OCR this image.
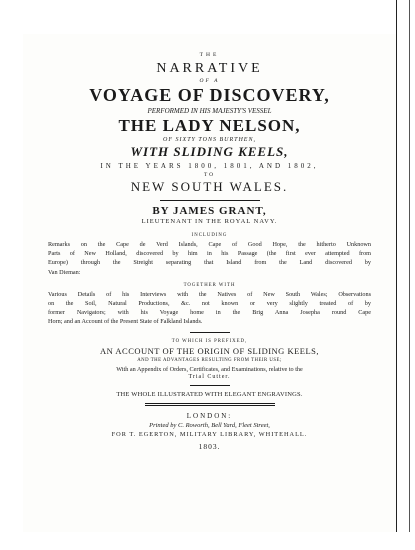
THE
NARRATIVE
OF A
VOYAGE OF DISCOVERY,
PERFORMED IN HIS MAJESTY'S VESSEL
THE LADY NELSON,
OF SIXTY TONS BURTHEN,
WITH SLIDING KEELS,
IN THE YEARS 1800, 1801, AND 1802,
TO
NEW SOUTH WALES.
BY JAMES GRANT,
LIEUTENANT IN THE ROYAL NAVY.
INCLUDING
Remarks on the Cape de Verd Islands, Cape of Good Hope, the hitherto Unknown
Parts of New Holland, discovered by him in his Passage (the first ever attempted from
Europe) through the Streight separating that Island from the Land discovered by
Van Dieman:
TOGETHER WITH
Various Details of his Interviews with the Natives of New South Wales; Observations
on the Soil, Natural Productions, &c. not known or very slightly treated of by
former Navigators; with his Voyage home in the Brig Anna Josepha round Cape
Horn; and an Account of the Present State of Falkland Islands.
TO WHICH IS PREFIXED,
AN ACCOUNT OF THE ORIGIN OF SLIDING KEELS,
AND THE ADVANTAGES RESULTING FROM THEIR USE;
With an Appendix of Orders, Certificates, and Examinations, relative to the
Trial Cutter.
THE WHOLE ILLUSTRATED WITH ELEGANT ENGRAVINGS.
LONDON:
Printed by C. Roworth, Bell Yard, Fleet Street,
FOR T. EGERTON, MILITARY LIBRARY, WHITEHALL.
1803.
